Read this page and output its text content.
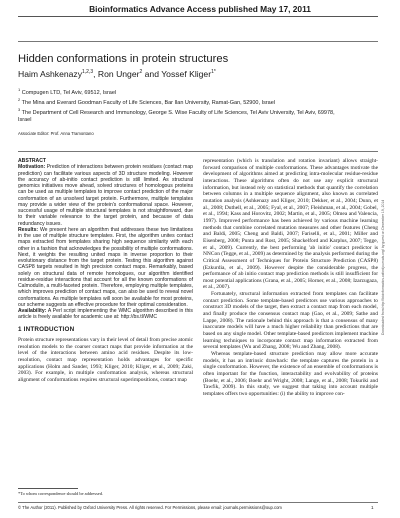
Bioinformatics Advance Access published May 17, 2011
Hidden conformations in protein structures
Haim Ashkenazy$^{1,2,3}$, Ron Unger$^2$ and Yossef Kliger$^{1*}$
$^1$ Compugen LTD, Tel Aviv, 69512, Israel
$^2$ The Mina and Everard Goodman Faculty of Life Sciences, Bar Ilan University, Ramat-Gan, 52900, Israel
$^3$ The Department of Cell Research and Immunology, George S. Wise Faculty of Life Sciences, Tel Aviv University, Tel Aviv, 69978, Israel
Associate Editor: Prof. Anna Tramontano
Downloaded from http://bioinformatics.oxfordjournals.org/ by guest on December 19, 2014

ABSTRACT

Motivation: Prediction of interactions between protein residues (contact map prediction) can facilitate various aspects of 3D structure modeling. However the accuracy of ab-initio contact prediction is still limited. As structural genomics initiatives move ahead, solved structures of homologous proteins can be used as multiple templates to improve contact prediction of the major conformation of an unsolved target protein. Furthermore, multiple templates may provide a wider view of the protein's conformational space. However, successful usage of multiple structural templates is not straightforward, due to their variable relevance to the target protein, and because of data redundancy issues.

Results: We present here an algorithm that addresses these two limitations in the use of multiple structure templates. First, the algorithm unites contact maps extracted from templates sharing high sequence similarity with each other in a fashion that acknowledges the possibility of multiple conformations. Next, it weights the resulting united maps in inverse proportion to their evolutionary distance from the target protein. Testing this algorithm against CASP8 targets resulted in high precision contact maps. Remarkably, based solely on structural data of remote homologues, our algorithm identified residue-residue interactions that account for all the known conformations of Calmodulin, a multi-faceted protein. Therefore, employing multiple templates, which improves prediction of contact maps, can also be used to reveal novel conformations. As multiple templates will soon be available for most proteins, our scheme suggests an effective procedure for their optimal consideration.

Availability: A Perl script implementing the WMC algorithm described in this article is freely available for academic use at: http://bs.tl/WMC

1 INTRODUCTION

Protein structure representations vary in their level of detail from precise atomic resolution models to the coarser contact maps that provide information at the level of the interactions between amino acid residues. Despite its low-resolution, contact map representation holds advantages for specific applications (Holm and Sander, 1993; Kliger, 2010; Kliger, et al., 2009; Zaki, 2003). For example, in multiple conformation analysis, whereas structural alignment of conformations requires structural superimpositions, contact map

representation (which is translation and rotation invariant) allows straight-forward comparison of multiple conformations. These advantages motivate the development of algorithms aimed at predicting intra-molecular residue-residue interactions. These algorithms often do not use any explicit structural information, but instead rely on statistical methods that quantify the correlation between columns in a multiple sequence alignment, also known as correlated mutation analysis (Ashkenazy and Kliger, 2010; Dekker, et al., 2004; Dunn, et al., 2008; Duthell, et al., 2005; Fyal, et al., 2007; Fleishman, et al., 2004; Gobel, et al., 1994; Kass and Horovitz, 2002; Martin, et al., 2005; Olmea and Valencia, 1997). Improved performance has been achieved by various machine learning methods that combine correlated mutation measures and other features (Cheng and Baldi, 2005; Cheng and Baldi, 2007; Fariselli, et al., 2001; Miller and Eisenberg, 2008; Punta and Rost, 2005; Shackelford and Karplus, 2007; Tegge, et al., 2009). Currently, the best performing 'ab initio' contact predictor is NNCon (Tegge, et al., 2009) as determined by the analysis performed during the Critical Assessment of Techniques for Protein Structure Prediction (CASP8) (Ezkurdia, et al., 2009). However despite the considerable progress, the performance of ab initio contact map prediction methods is still insufficient for most potential applications (Grana, et al., 2005; Horner, et al., 2008; Izarzugaza, et al., 2007).

Fortunately, structural information extracted from templates can facilitate contact prediction. Some template-based predictors use various approaches to construct 3D models of the target, then extract a contact map from each model, and finally produce the consensus contact map (Gao, et al., 2009; Sathe and Lappe, 2008). The rationale behind this approach is that a consensus of many inaccurate models will have a much higher reliability than predictions that are based on any single model. Other template-based predictors implement machine learning techniques to incorporate contact map information extracted from several templates (Wu and Zhang, 2008; Wu and Zhang, 2008).

Whereas template-based structure prediction may allow more accurate models, it has an intrinsic drawback: the template captures the protein in a single conformation. However, the existence of an ensemble of conformations is often important for the function, interactability and evolvability of proteins (Boehr, et al., 2006; Boehr and Wright, 2008; Lange, et al., 2008; Tokuriki and Tawfik, 2009). In this study, we suggest that taking into account multiple templates offers two opportunities: (i) the ability to improve con-

*To whom correspondence should be addressed.
© The Author (2011). Published by Oxford University Press. All rights reserved. For Permissions, please email: journals.permissions@oup.com	1
